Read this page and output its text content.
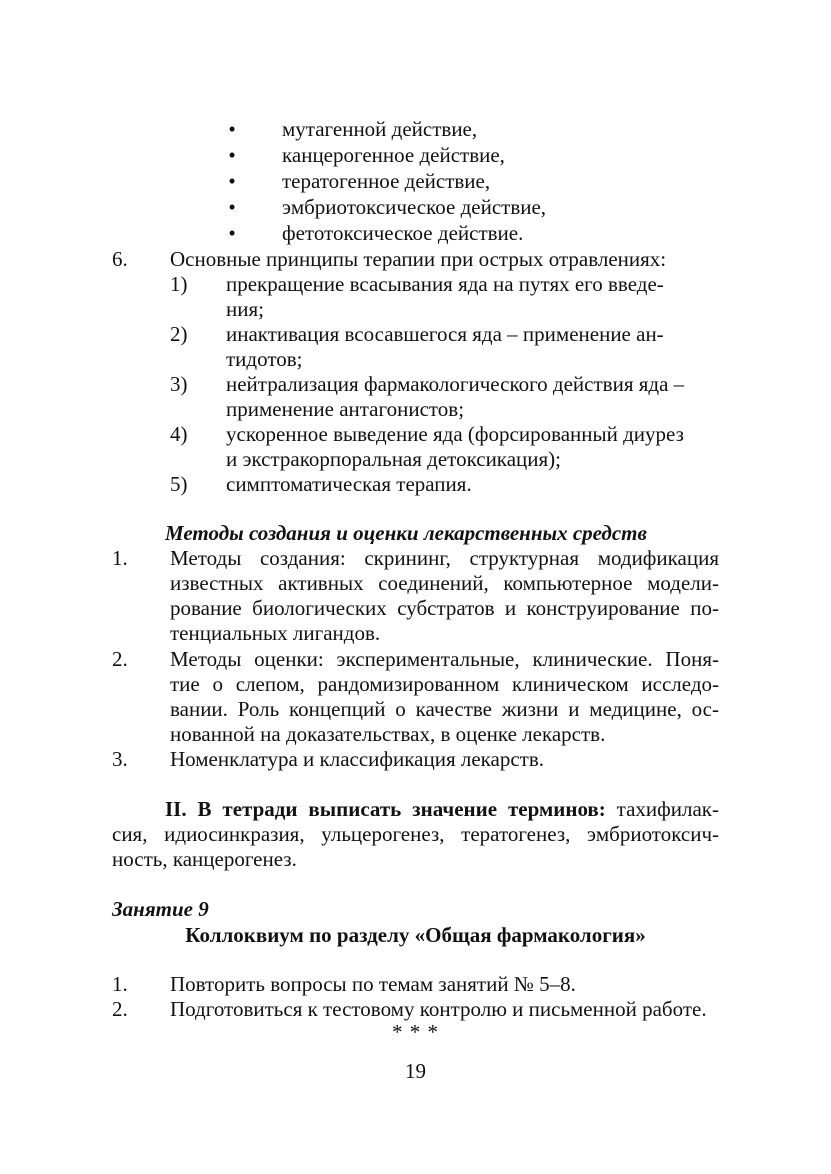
•	мутагенной действие,
•	канцерогенное действие,
•	тератогенное действие,
•	эмбриотоксическое действие,
•	фетотоксическое действие.
6. Основные принципы терапии при острых отравлениях:
1) прекращение всасывания яда на путях его введе-
ния;
2) инактивация всосавшегося яда – применение ан-
тидотов;
3) нейтрализация фармакологического действия яда –
применение антагонистов;
4) ускоренное выведение яда (форсированный диурез
и экстракорпоральная детоксикация);
5) симптоматическая терапия.
Методы создания и оценки лекарственных средств
1. Методы создания: скрининг, структурная модификация
известных активных соединений, компьютерное модели-
рование биологических субстратов и конструирование по-
тенциальных лигандов.
2. Методы оценки: экспериментальные, клинические. Поня-
тие о слепом, рандомизированном клиническом исследо-
вании. Роль концепций о качестве жизни и медицине, ос-
нованной на доказательствах, в оценке лекарств.
3. Номенклатура и классификация лекарств.
II. В тетради выписать значение терминов: тахифилак-
сия, идиосинкразия, ульцерогенез, тератогенез, эмбриотоксич-
ность, канцерогенез.
Занятие 9
Коллоквиум по разделу «Общая фармакология»
1. Повторить вопросы по темам занятий № 5–8.
2. Подготовиться к тестовому контролю и письменной работе.
* * *
19
